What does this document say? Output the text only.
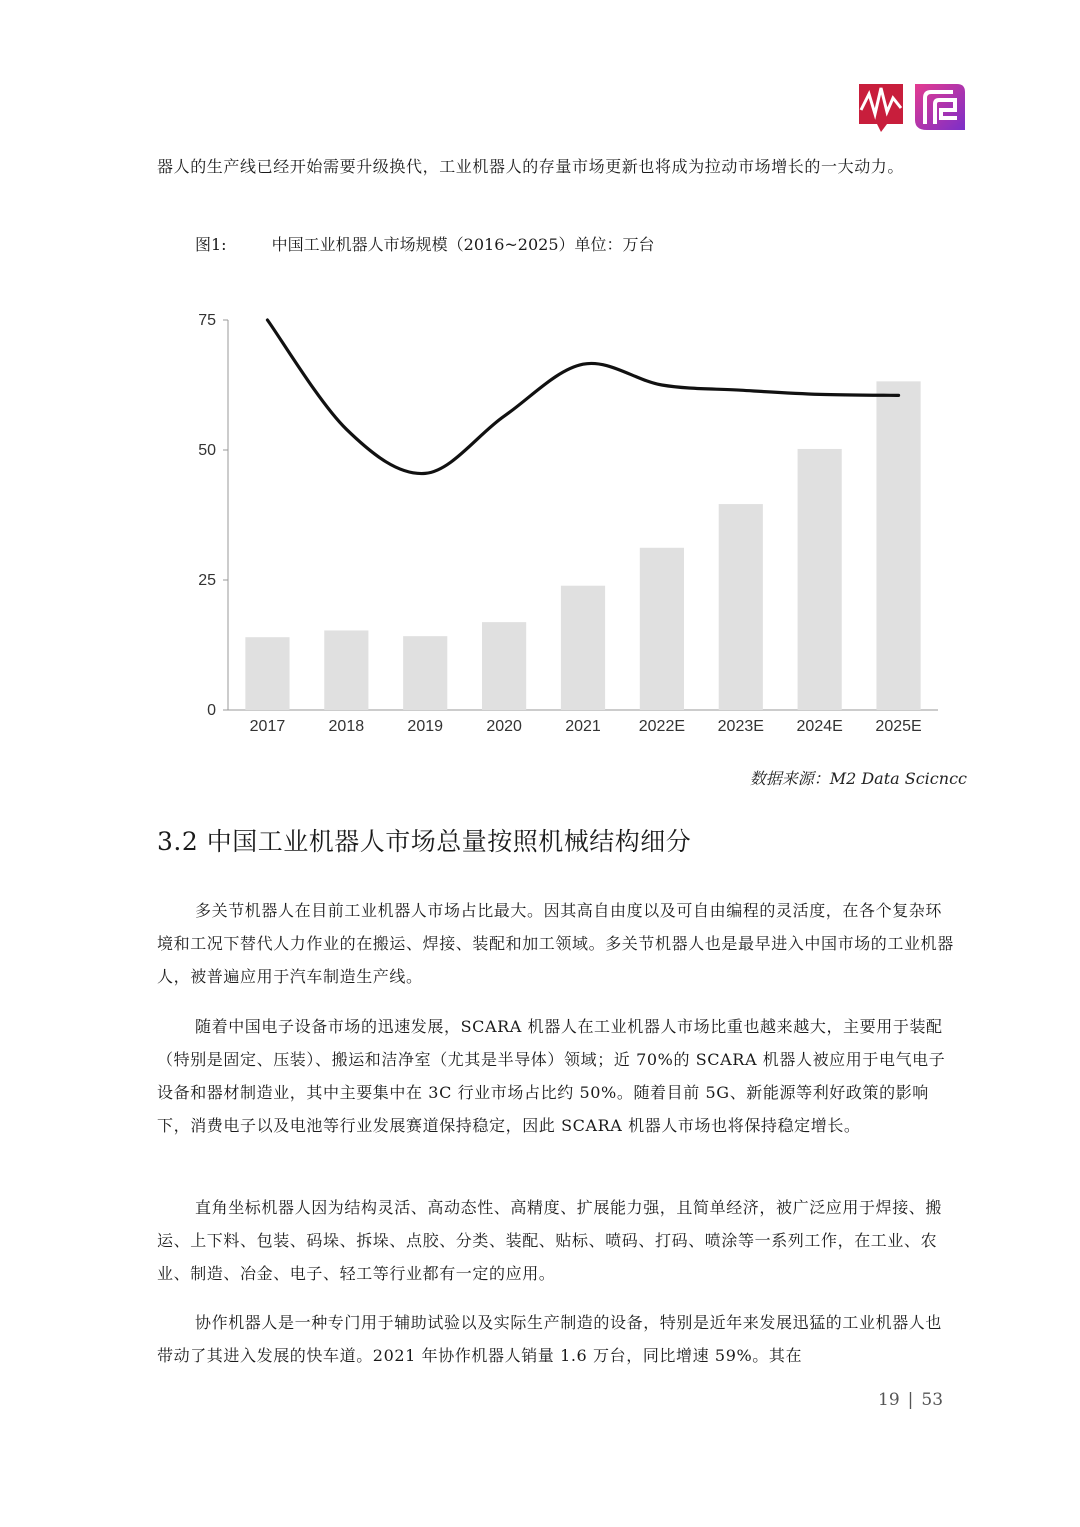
器人的生产线已经开始需要升级换代，工业机器人的存量市场更新也将成为拉动市场增长的一大动力。

图1:	中国工业机器人市场规模（2016~2025）单位：万台
0
25
50
75
2017	2018	2019	2020	2021 2022E 2023E 2024E 2025E
数据来源：M2 Data Scicncc
3.2 中国工业机器人市场总量按照机械结构细分

多关节机器人在目前工业机器人市场占比最大。因其高自由度以及可自由编程的灵活度，在各个复杂环境和工况下替代人力作业的在搬运、焊接、装配和加工领域。多关节机器人也是最早进入中国市场的工业机器人，被普遍应用于汽车制造生产线。

随着中国电子设备市场的迅速发展，SCARA 机器人在工业机器人市场比重也越来越大，主要用于装配（特别是固定、压装）、搬运和洁净室（尤其是半导体）领域；近 70%的 SCARA 机器人被应用于电气电子设备和器材制造业，其中主要集中在 3C 行业市场占比约 50%。随着目前 5G、新能源等利好政策的影响下，消费电子以及电池等行业发展赛道保持稳定，因此 SCARA 机器人市场也将保持稳定增长。

直角坐标机器人因为结构灵活、高动态性、高精度、扩展能力强，且简单经济，被广泛应用于焊接、搬运、上下料、包装、码垛、拆垛、点胶、分类、装配、贴标、喷码、打码、喷涂等一系列工作，在工业、农业、制造、冶金、电子、轻工等行业都有一定的应用。

协作机器人是一种专门用于辅助试验以及实际生产制造的设备，特别是近年来发展迅猛的工业机器人也带动了其进入发展的快车道。2021 年协作机器人销量 1.6 万台，同比增速 59%。其在

19 | 53
